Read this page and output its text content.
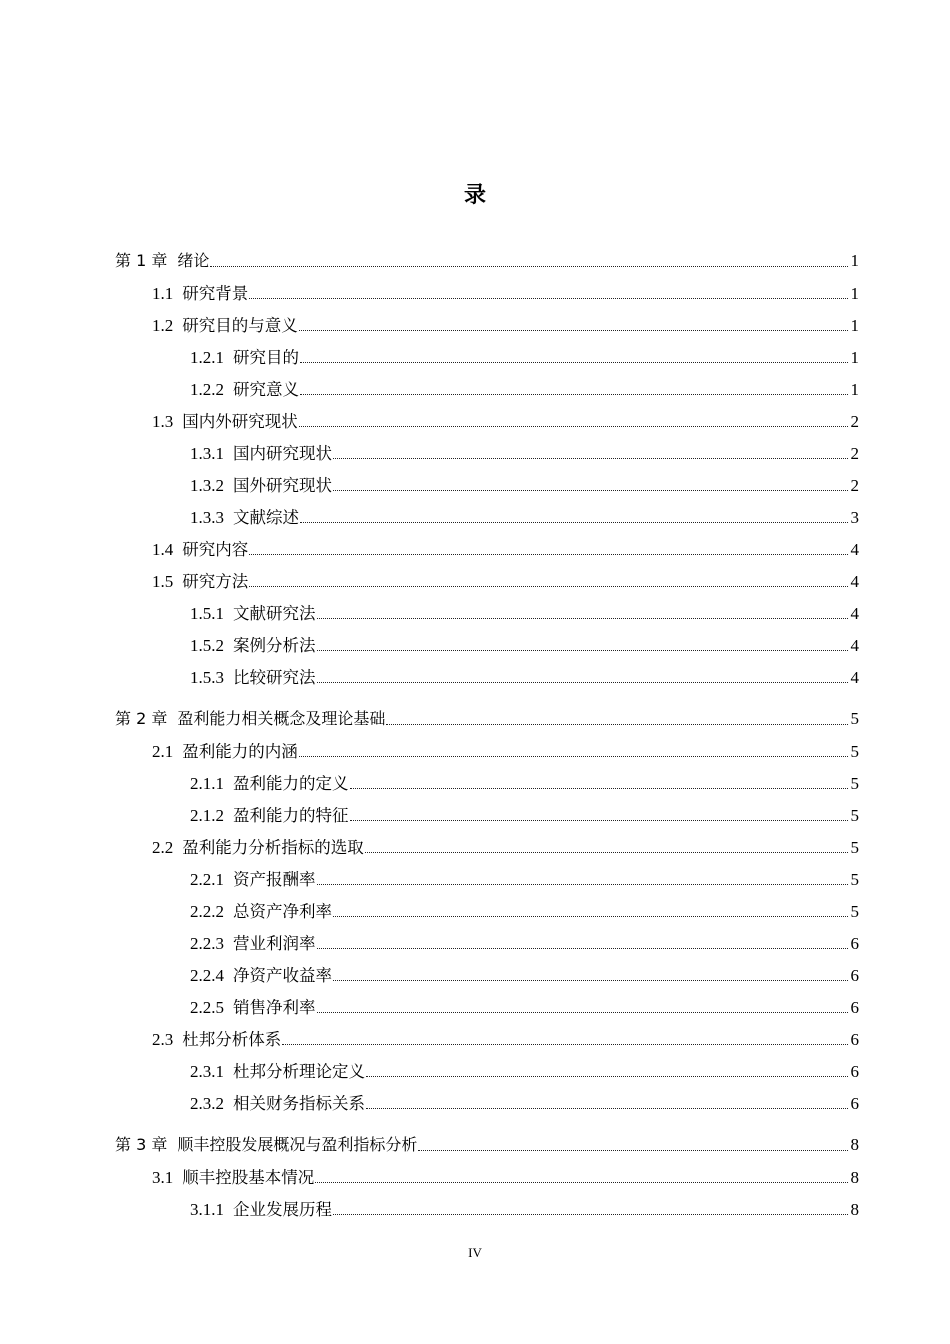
录
第 1 章 绪论	1
1.1 研究背景	1
1.2 研究目的与意义	1
1.2.1 研究目的	1
1.2.2 研究意义	1
1.3 国内外研究现状	2
1.3.1 国内研究现状	2
1.3.2 国外研究现状	2
1.3.3 文献综述	3
1.4 研究内容	4
1.5 研究方法	4
1.5.1 文献研究法	4
1.5.2 案例分析法	4
1.5.3 比较研究法	4
第 2 章 盈利能力相关概念及理论基础	5
2.1 盈利能力的内涵	5
2.1.1 盈利能力的定义	5
2.1.2 盈利能力的特征	5
2.2 盈利能力分析指标的选取	5
2.2.1 资产报酬率	5
2.2.2 总资产净利率	5
2.2.3 营业利润率	6
2.2.4 净资产收益率	6
2.2.5 销售净利率	6
2.3 杜邦分析体系	6
2.3.1 杜邦分析理论定义	6
2.3.2 相关财务指标关系	6
第 3 章 顺丰控股发展概况与盈利指标分析	8
3.1 顺丰控股基本情况	8
3.1.1 企业发展历程	8
IV
